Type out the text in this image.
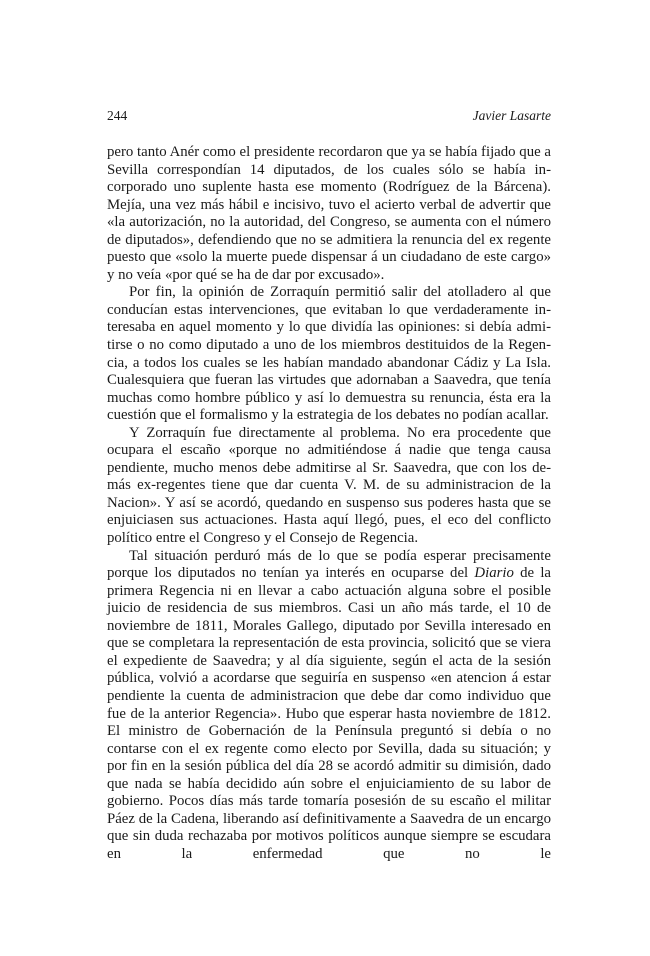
244	Javier Lasarte

pero tanto Anér como el presidente recordaron que ya se había fijado que a Sevilla correspondían 14 diputados, de los cuales sólo se había incorporado uno suplente hasta ese momento (Rodríguez de la Bárcena). Mejía, una vez más hábil e incisivo, tuvo el acierto verbal de advertir que «la autorización, no la autoridad, del Congreso, se aumenta con el número de diputados», defendiendo que no se admitiera la renuncia del ex regente puesto que «solo la muerte puede dispensar á un ciudadano de este cargo» y no veía «por qué se ha de dar por excusado».

Por fin, la opinión de Zorraquín permitió salir del atolladero al que conducían estas intervenciones, que evitaban lo que verdaderamente interesaba en aquel momento y lo que dividía las opiniones: si debía admitirse o no como diputado a uno de los miembros destituidos de la Regencia, a todos los cuales se les habían mandado abandonar Cádiz y La Isla. Cualesquiera que fueran las virtudes que adornaban a Saavedra, que tenía muchas como hombre público y así lo demuestra su renuncia, ésta era la cuestión que el formalismo y la estrategia de los debates no podían acallar.

Y Zorraquín fue directamente al problema. No era procedente que ocupara el escaño «porque no admitiéndose á nadie que tenga causa pendiente, mucho menos debe admitirse al Sr. Saavedra, que con los demás ex-regentes tiene que dar cuenta V. M. de su administracion de la Nacion». Y así se acordó, quedando en suspenso sus poderes hasta que se enjuiciasen sus actuaciones. Hasta aquí llegó, pues, el eco del conflicto político entre el Congreso y el Consejo de Regencia.

Tal situación perduró más de lo que se podía esperar precisamente porque los diputados no tenían ya interés en ocuparse del Diario de la primera Regencia ni en llevar a cabo actuación alguna sobre el posible juicio de residencia de sus miembros. Casi un año más tarde, el 10 de noviembre de 1811, Morales Gallego, diputado por Sevilla interesado en que se completara la representación de esta provincia, solicitó que se viera el expediente de Saavedra; y al día siguiente, según el acta de la sesión pública, volvió a acordarse que seguiría en suspenso «en atencion á estar pendiente la cuenta de administracion que debe dar como individuo que fue de la anterior Regencia». Hubo que esperar hasta noviembre de 1812. El ministro de Gobernación de la Península preguntó si debía o no contarse con el ex regente como electo por Sevilla, dada su situación; y por fin en la sesión pública del día 28 se acordó admitir su dimisión, dado que nada se había decidido aún sobre el enjuiciamiento de su labor de gobierno. Pocos días más tarde tomaría posesión de su escaño el militar Páez de la Cadena, liberando así definitivamente a Saavedra de un encargo que sin duda rechazaba por motivos políticos aunque siempre se escudara en la enfermedad que no le
